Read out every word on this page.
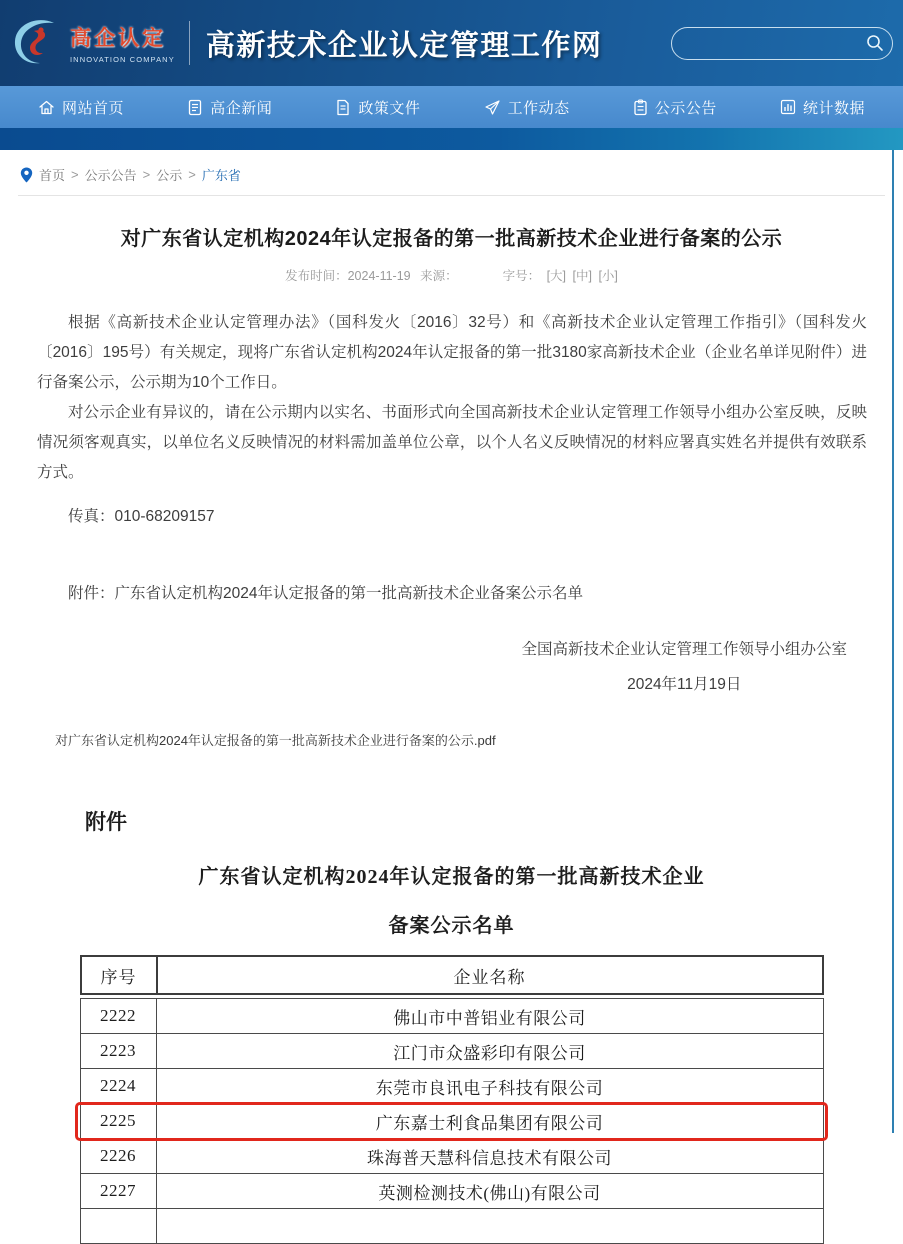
高企认定
INNOVATION COMPANY 高新技术企业认定管理工作网
网站首页	高企新闻	政策文件	工作动态	公示公告	统计数据
首页 > 公示公告 > 公示 > 广东省
对广东省认定机构2024年认定报备的第一批高新技术企业进行备案的公示
发布时间：2024-11-19 来源：	字号： [大] [中] [小]

根据《高新技术企业认定管理办法》（国科发火〔2016〕32号）和《高新技术企业认定管理工作指引》（国科发火〔2016〕195号）有关规定，现将广东省认定机构2024年认定报备的第一批3180家高新技术企业（企业名单详见附件）进行备案公示，公示期为10个工作日。

对公示企业有异议的，请在公示期内以实名、书面形式向全国高新技术企业认定管理工作领导小组办公室反映，反映情况须客观真实，以单位名义反映情况的材料需加盖单位公章，以个人名义反映情况的材料应署真实姓名并提供有效联系方式。

传真：010-68209157

附件：广东省认定机构2024年认定报备的第一批高新技术企业备案公示名单

全国高新技术企业认定管理工作领导小组办公室
2024年11月19日
对广东省认定机构2024年认定报备的第一批高新技术企业进行备案的公示.pdf
附件
广东省认定机构2024年认定报备的第一批高新技术企业
备案公示名单
序号	企业名称
2222	佛山市中普铝业有限公司
2223	江门市众盛彩印有限公司
2224	东莞市良讯电子科技有限公司
2225	广东嘉士利食品集团有限公司
2226	珠海普天慧科信息技术有限公司
2227	英测检测技术(佛山)有限公司
